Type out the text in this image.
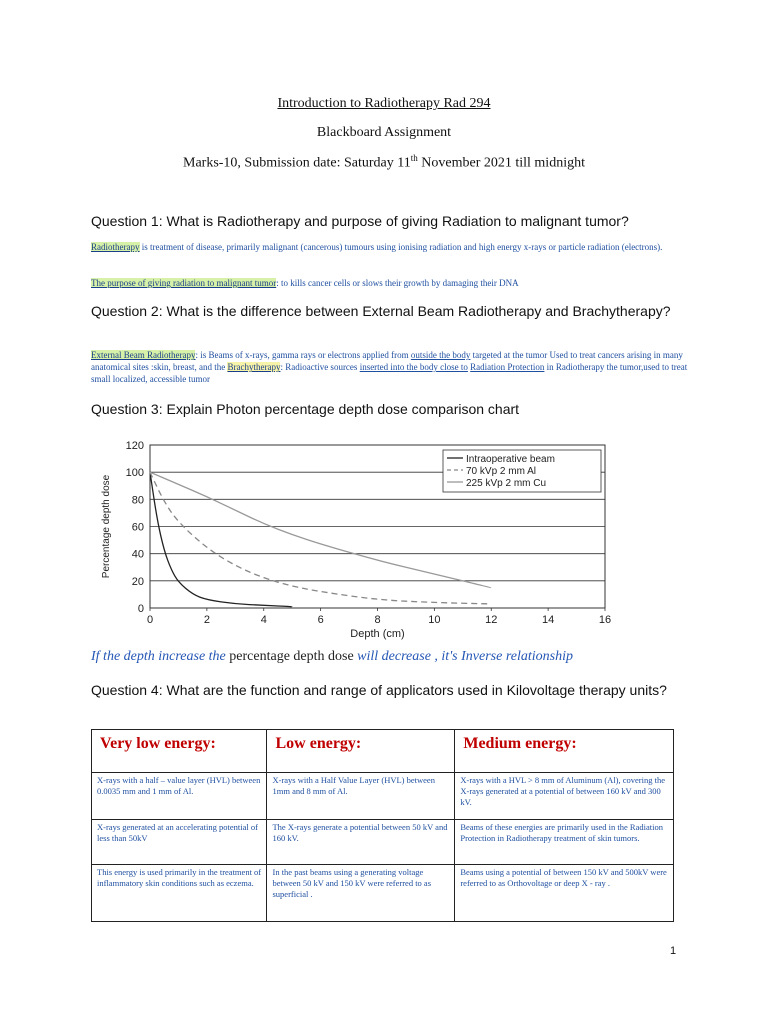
Introduction to Radiotherapy Rad 294
Blackboard Assignment
Marks-10, Submission date: Saturday 11th November 2021 till midnight
Question 1: What is Radiotherapy and purpose of giving Radiation to malignant tumor?
Radiotherapy is treatment of disease, primarily malignant (cancerous) tumours using ionising radiation and high energy x-rays or particle radiation (electrons).
The purpose of giving radiation to malignant tumor: to kills cancer cells or slows their growth by damaging their DNA
Question 2: What is the difference between External Beam Radiotherapy and Brachytherapy?
External Beam Radiotherapy: is Beams of x-rays, gamma rays or electrons applied from outside the body targeted at the tumor Used to treat cancers arising in many anatomical sites :skin, breast, and the Brachytherapy: Radioactive sources inserted into the body close to Radiation Protection in Radiotherapy the tumor,used to treat small localized, accessible tumor
Question 3: Explain Photon percentage depth dose comparison chart
0
20
40
60
80
100
120
0	2	4	6	8	10	12	14	16
Depth (cm)
Percentage depth dose
Intraoperative beam
70 kVp 2 mm Al
225 kVp 2 mm Cu
If the depth increase the percentage depth dose will decrease , it's Inverse relationship
Question 4: What are the function and range of applicators used in Kilovoltage therapy units?
Very low energy:	Low energy:	Medium energy:
X-rays with a half – value layer (HVL) between 0.0035 mm and 1 mm of Al.	X-rays with a Half Value Layer (HVL) between 1mm and 8 mm of Al.	X-rays with a HVL > 8 mm of Aluminum (Al), covering the X-rays generated at a potential of between 160 kV and 300 kV.
X-rays generated at an accelerating potential of less than 50kV	The X-rays generate a potential between 50 kV and 160 kV.	Beams of these energies are primarily used in the Radiation Protection in Radiotherapy treatment of skin tumors.
This energy is used primarily in the treatment of inflammatory skin conditions such as eczema.	In the past beams using a generating voltage between 50 kV and 150 kV were referred to as superficial .	Beams using a potential of between 150 kV and 500kV were referred to as Orthovoltage or deep X - ray .
1
